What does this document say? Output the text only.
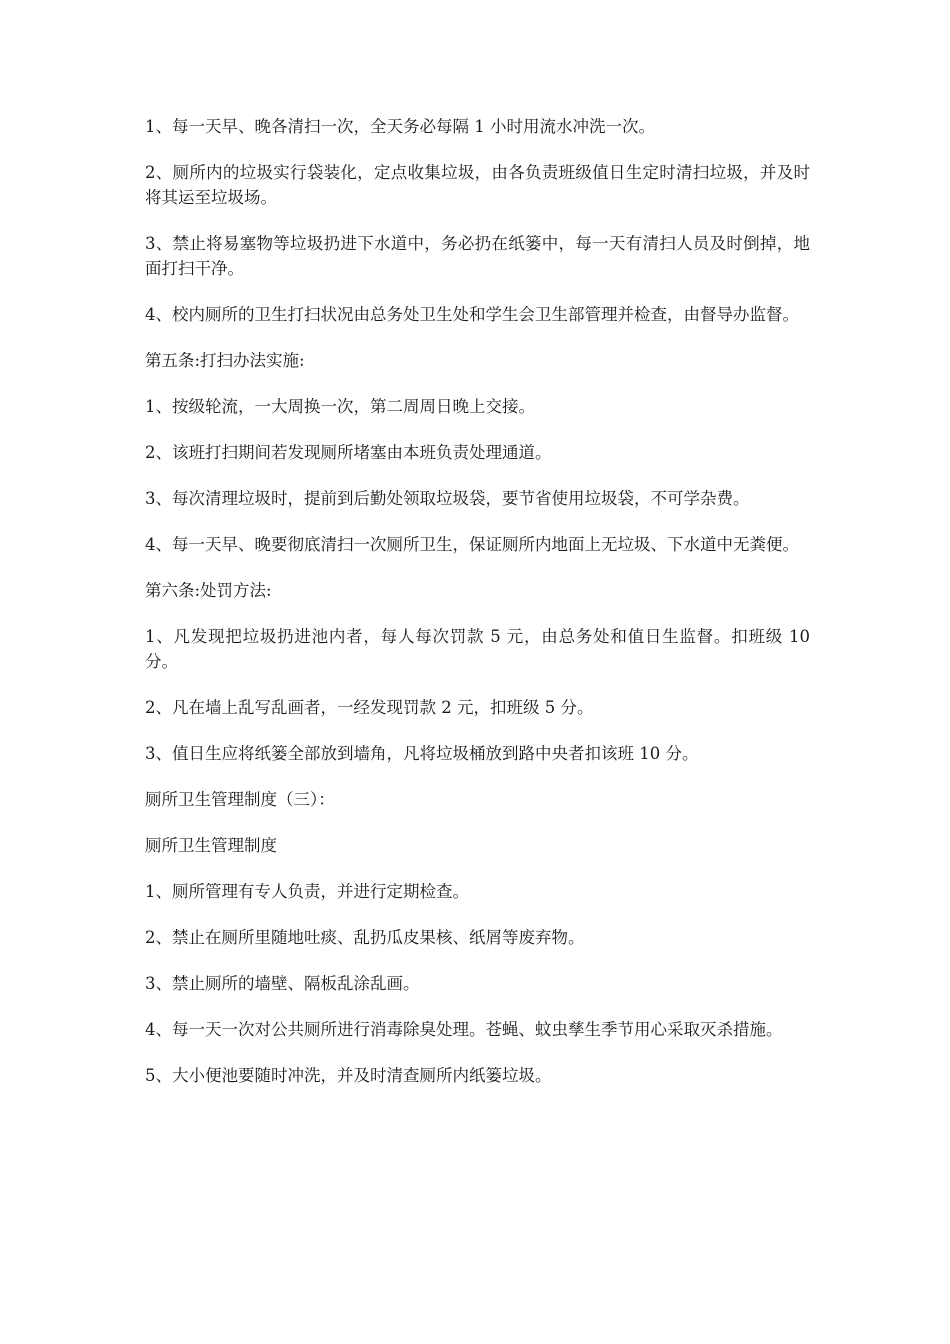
1、每一天早、晚各清扫一次，全天务必每隔 1 小时用流水冲洗一次。

2、厕所内的垃圾实行袋装化，定点收集垃圾，由各负责班级值日生定时清扫垃圾，并及时将其运至垃圾场。

3、禁止将易塞物等垃圾扔进下水道中，务必扔在纸篓中，每一天有清扫人员及时倒掉，地面打扫干净。

4、校内厕所的卫生打扫状况由总务处卫生处和学生会卫生部管理并检查，由督导办监督。

第五条:打扫办法实施:

1、按级轮流，一大周换一次，第二周周日晚上交接。

2、该班打扫期间若发现厕所堵塞由本班负责处理通道。

3、每次清理垃圾时，提前到后勤处领取垃圾袋，要节省使用垃圾袋，不可学杂费。

4、每一天早、晚要彻底清扫一次厕所卫生，保证厕所内地面上无垃圾、下水道中无粪便。

第六条:处罚方法:

1、凡发现把垃圾扔进池内者，每人每次罚款 5 元，由总务处和值日生监督。扣班级 10 分。

2、凡在墙上乱写乱画者，一经发现罚款 2 元，扣班级 5 分。

3、值日生应将纸篓全部放到墙角，凡将垃圾桶放到路中央者扣该班 10 分。

厕所卫生管理制度（三）：

厕所卫生管理制度

1、厕所管理有专人负责，并进行定期检查。

2、禁止在厕所里随地吐痰、乱扔瓜皮果核、纸屑等废弃物。

3、禁止厕所的墙壁、隔板乱涂乱画。

4、每一天一次对公共厕所进行消毒除臭处理。苍蝇、蚊虫孳生季节用心采取灭杀措施。

5、大小便池要随时冲洗，并及时清查厕所内纸篓垃圾。
